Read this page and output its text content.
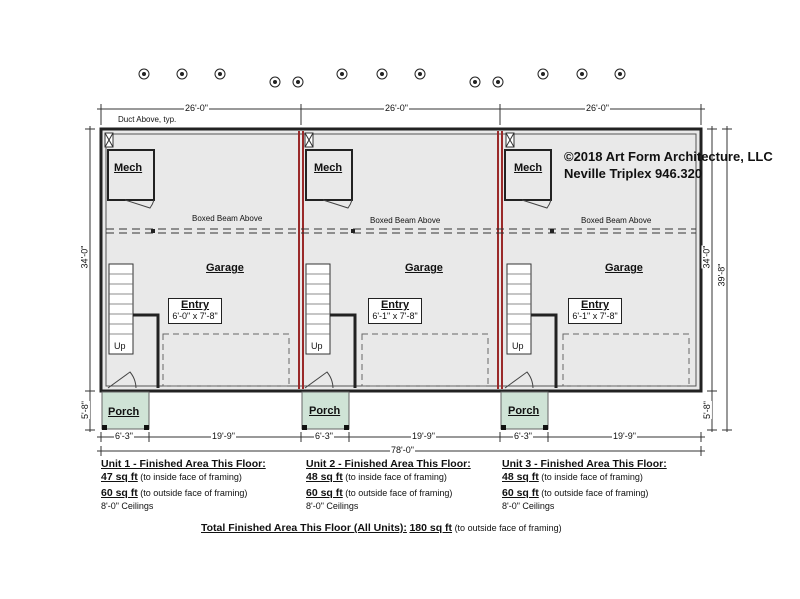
26'-0"	26'-0"	26'-0"
6'-3"	19'-9"	6'-3"	19'-9"	6'-3"	19'-9"
78'-0"
34'-0"
5'-8"
34'-0"
39'-8"
5'-8"
Duct Above, typ.
Boxed Beam Above	Boxed Beam Above	Boxed Beam Above
Mech
Garage
Entry
6'-0" x 7'-8"
Up
Porch
Mech
Garage
Entry
6'-1" x 7'-8"
Up
Porch
Mech
Garage
Entry
6'-1" x 7'-8"
Up
Porch
©2018 Art Form Architecture, LLC
Neville Triplex 946.320
Unit 1 - Finished Area This Floor:
47 sq ft (to inside face of framing)
60 sq ft (to outside face of framing)
8'-0" Ceilings
Unit 2 - Finished Area This Floor:
48 sq ft (to inside face of framing)
60 sq ft (to outside face of framing)
8'-0" Ceilings
Unit 3 - Finished Area This Floor:
48 sq ft (to inside face of framing)
60 sq ft (to outside face of framing)
8'-0" Ceilings
Total Finished Area This Floor (All Units): 180 sq ft (to outside face of framing)
